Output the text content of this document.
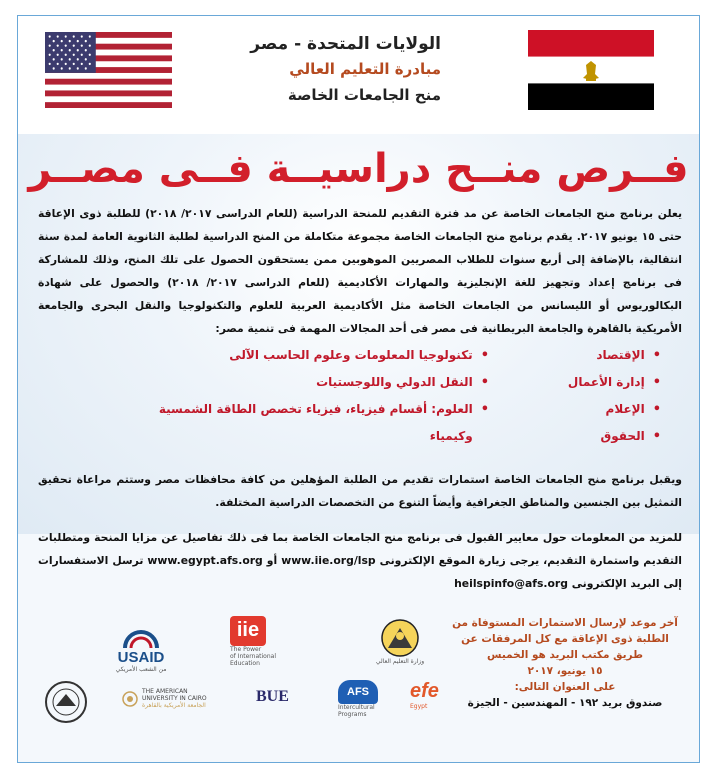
الولايات المتحدة - مصر
مبادرة التعليم العالي
منح الجامعات الخاصة
فــرص منــح دراسيــة فــى مصــر
يعلن برنامج منح الجامعات الخاصة عن مد فترة التقديم للمنحة الدراسية (للعام الدراسى ٢٠١٧/ ٢٠١٨) للطلبة ذوى الإعاقة حتى ١٥ يونيو ٢٠١٧. يقدم برنامج منح الجامعات الخاصة مجموعة متكاملة من المنح الدراسية لطلبة الثانوية العامة لمدة سنة انتقالية، بالإضافة إلى أربع سنوات للطلاب المصريين الموهوبين ممن يستحقون الحصول على تلك المنح، وذلك للمشاركة فى برنامج إعداد وتجهيز للغة الإنجليزية والمهارات الأكاديمية (للعام الدراسى ٢٠١٧/ ٢٠١٨) والحصول على شهادة البكالوريوس أو الليسانس من الجامعات الخاصة مثل الأكاديمية العربية للعلوم والتكنولوجيا والنقل البحرى والجامعة الأمريكية بالقاهرة والجامعة البريطانية فى مصر فى أحد المجالات المهمة فى تنمية مصر:
•الإقتصاد
•إدارة الأعمال
•الإعلام
•الحقوق
•تكنولوجيا المعلومات وعلوم الحاسب الآلى
•النقل الدولي واللوجستيات
•العلوم: أقسام فيزياء، فيزياء تخصص الطاقة الشمسية
وكيمياء
ويقبل برنامج منح الجامعات الخاصة استمارات تقديم من الطلبة المؤهلين من كافة محافظات مصر وستتم مراعاة تحقيق التمثيل بين الجنسين والمناطق الجغرافية وأيضاً التنوع من التخصصات الدراسية المختلفة.
للمزيد من المعلومات حول معايير القبول فى برنامج منح الجامعات الخاصة بما فى ذلك تفاصيل عن مزايا المنحة ومتطلبات التقديم واستمارة التقديم، يرجى زيارة الموقع الإلكترونى www.iie.org/lsp أو www.egypt.afs.org ترسل الاستفسارات إلى البريد الإلكترونى heilspinfo@afs.org
آخر موعد لإرسال الاستمارات المستوفاة من
الطلبة ذوى الإعاقة مع كل المرفقات عن
طريق مكتب البريد هو الخميس
١٥ يونيو، ٢٠١٧
على العنوان التالى:
صندوق بريد ١٩٢ - المهندسين - الجيزة
USAID
من الشعب الأمريكي
iie
The Power
of International
Education	وزارة التعليم العالي
THE AMERICAN
UNIVERSITY IN CAIRO
الجامعة الأمريكية بالقاهرة
BUE	AFS
Intercultural Programs
efe
Egypt
